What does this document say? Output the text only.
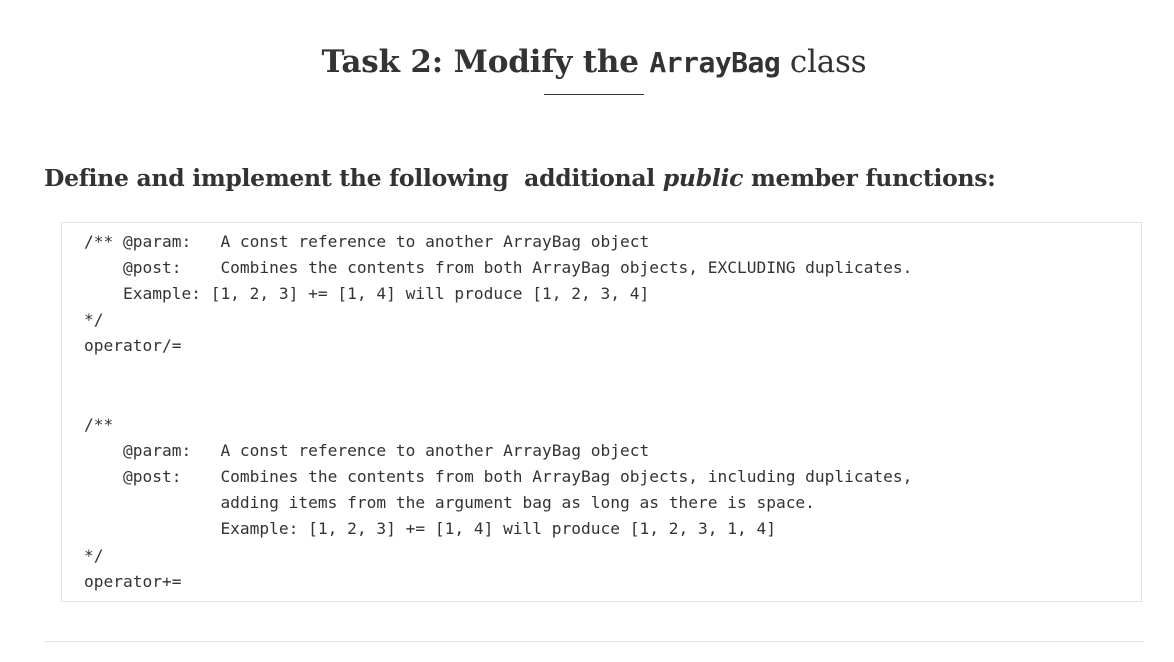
Task 2: Modify the ArrayBag class
Define and implement the following  additional public member functions:
/** @param:   A const reference to another ArrayBag object
@post:    Combines the contents from both ArrayBag objects, EXCLUDING duplicates.
Example: [1, 2, 3] += [1, 4] will produce [1, 2, 3, 4]
*/
operator/=
/**
@param:   A const reference to another ArrayBag object
@post:    Combines the contents from both ArrayBag objects, including duplicates,
adding items from the argument bag as long as there is space.
Example: [1, 2, 3] += [1, 4] will produce [1, 2, 3, 1, 4]
*/
operator+=
